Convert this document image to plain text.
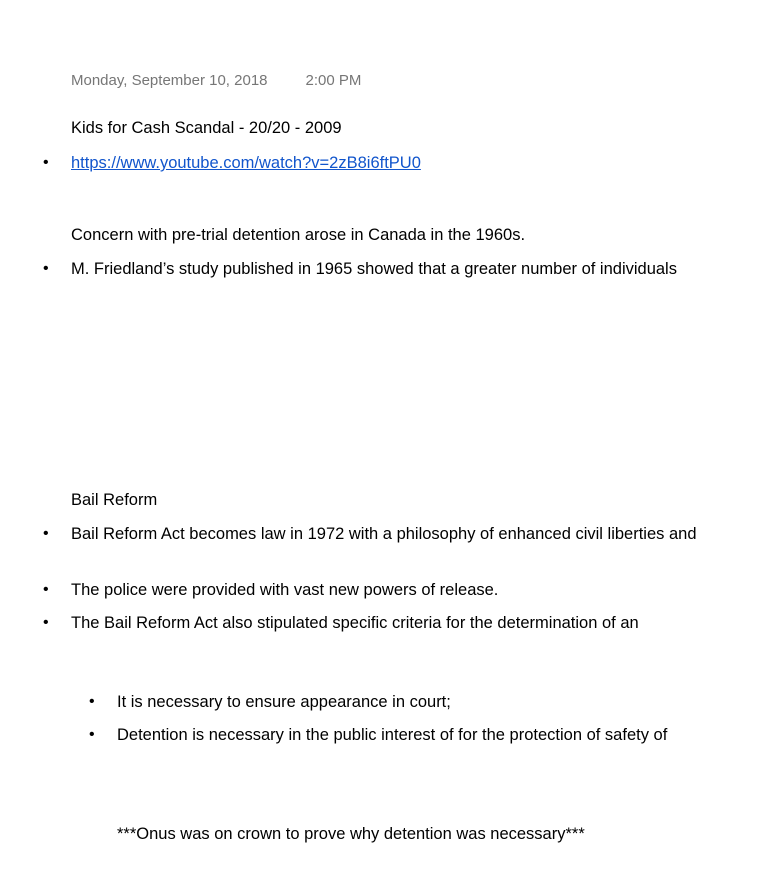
Monday, September 10, 2018	2:00 PM
Kids for Cash Scandal - 20/20 - 2009
• https://www.youtube.com/watch?v=2zB8i6ftPU0
Concern with pre-trial detention arose in Canada in the 1960s.
• M. Friedland’s study published in 1965 showed that a greater number of individuals
Bail Reform
• Bail Reform Act becomes law in 1972 with a philosophy of enhanced civil liberties and
• The police were provided with vast new powers of release.
• The Bail Reform Act also stipulated specific criteria for the determination of an
• It is necessary to ensure appearance in court;
• Detention is necessary in the public interest of for the protection of safety of
***Onus was on crown to prove why detention was necessary***
